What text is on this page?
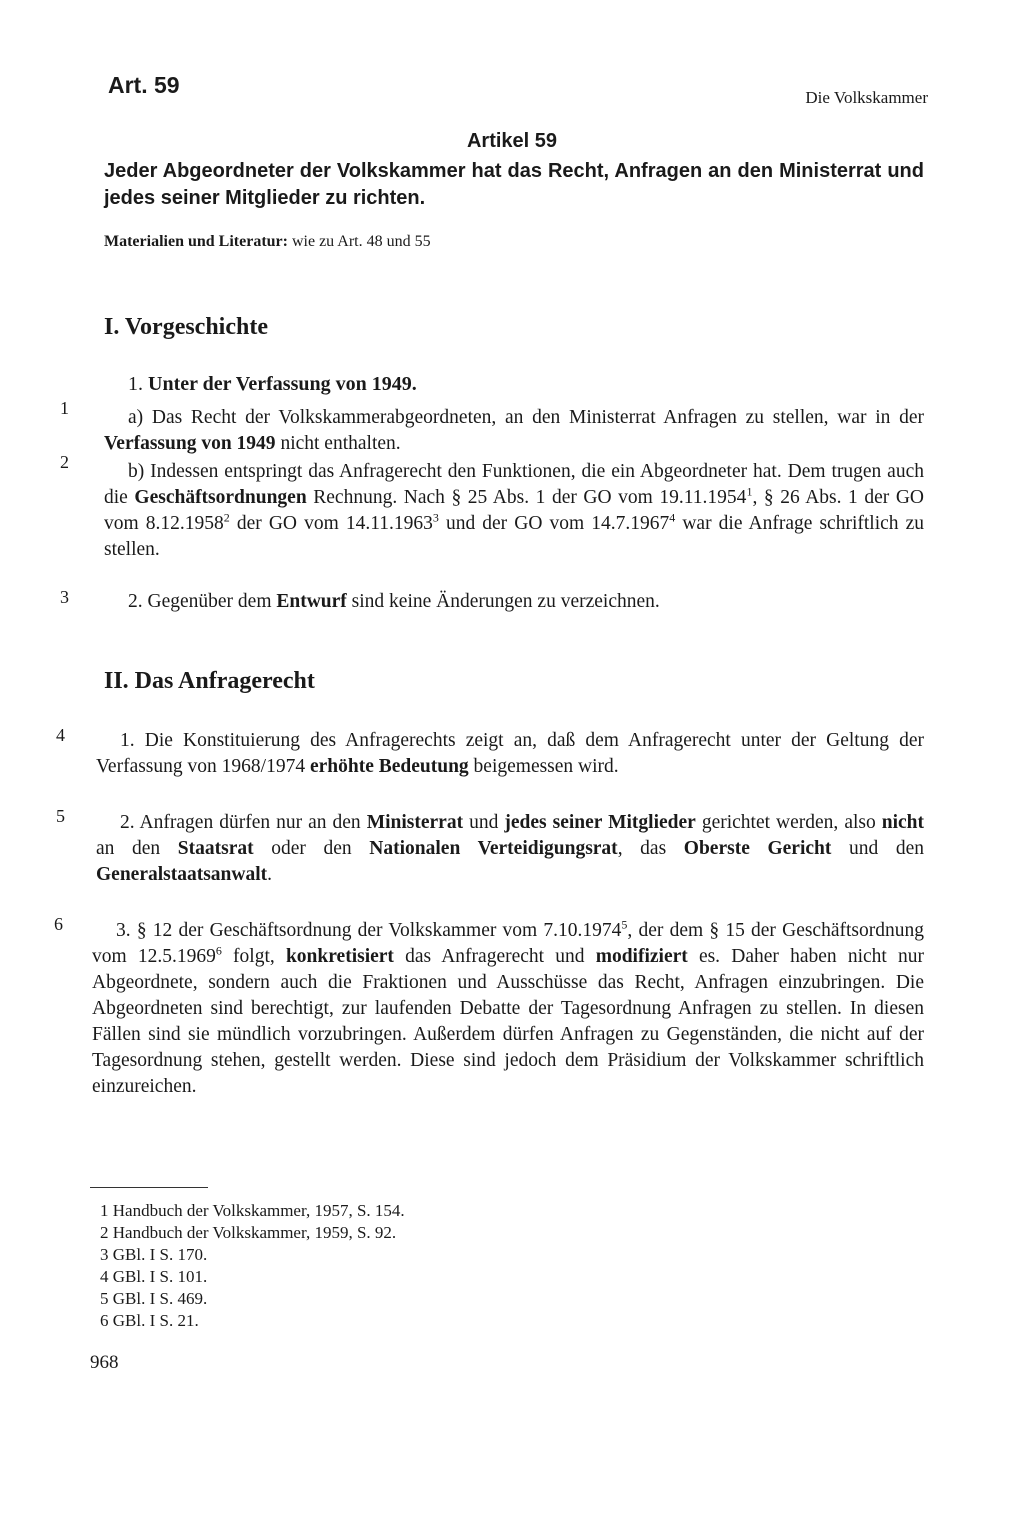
Art. 59	Die Volkskammer
Artikel 59
Jeder Abgeordneter der Volkskammer hat das Recht, Anfragen an den Ministerrat und jedes seiner Mitglieder zu richten.
Materialien und Literatur: wie zu Art. 48 und 55
I. Vorgeschichte
1. Unter der Verfassung von 1949.
1	a) Das Recht der Volkskammerabgeordneten, an den Ministerrat Anfragen zu stellen, war in der Verfassung von 1949 nicht enthalten.
2	b) Indessen entspringt das Anfragerecht den Funktionen, die ein Abgeordneter hat. Dem trugen auch die Geschäftsordnungen Rechnung. Nach § 25 Abs. 1 der GO vom 19.11.1954$^1$, § 26 Abs. 1 der GO vom 8.12.1958$^2$ der GO vom 14.11.1963$^3$ und der GO vom 14.7.1967$^4$ war die Anfrage schriftlich zu stellen.
3	2. Gegenüber dem Entwurf sind keine Änderungen zu verzeichnen.
II. Das Anfragerecht
4	1. Die Konstituierung des Anfragerechts zeigt an, daß dem Anfragerecht unter der Geltung der Verfassung von 1968/1974 erhöhte Bedeutung beigemessen wird.
5	2. Anfragen dürfen nur an den Ministerrat und jedes seiner Mitglieder gerichtet werden, also nicht an den Staatsrat oder den Nationalen Verteidigungsrat, das Oberste Gericht und den Generalstaatsanwalt.
6	3. § 12 der Geschäftsordnung der Volkskammer vom 7.10.1974$^5$, der dem § 15 der Geschäftsordnung vom 12.5.1969$^6$ folgt, konkretisiert das Anfragerecht und modifiziert es. Daher haben nicht nur Abgeordnete, sondern auch die Fraktionen und Ausschüsse das Recht, Anfragen einzubringen. Die Abgeordneten sind berechtigt, zur laufenden Debatte der Tagesordnung Anfragen zu stellen. In diesen Fällen sind sie mündlich vorzubringen. Außerdem dürfen Anfragen zu Gegenständen, die nicht auf der Tagesordnung stehen, gestellt werden. Diese sind jedoch dem Präsidium der Volkskammer schriftlich einzureichen.
1 Handbuch der Volkskammer, 1957, S. 154.
2 Handbuch der Volkskammer, 1959, S. 92.
3 GBl. I S. 170.
4 GBl. I S. 101.
5 GBl. I S. 469.
6 GBl. I S. 21.
968
